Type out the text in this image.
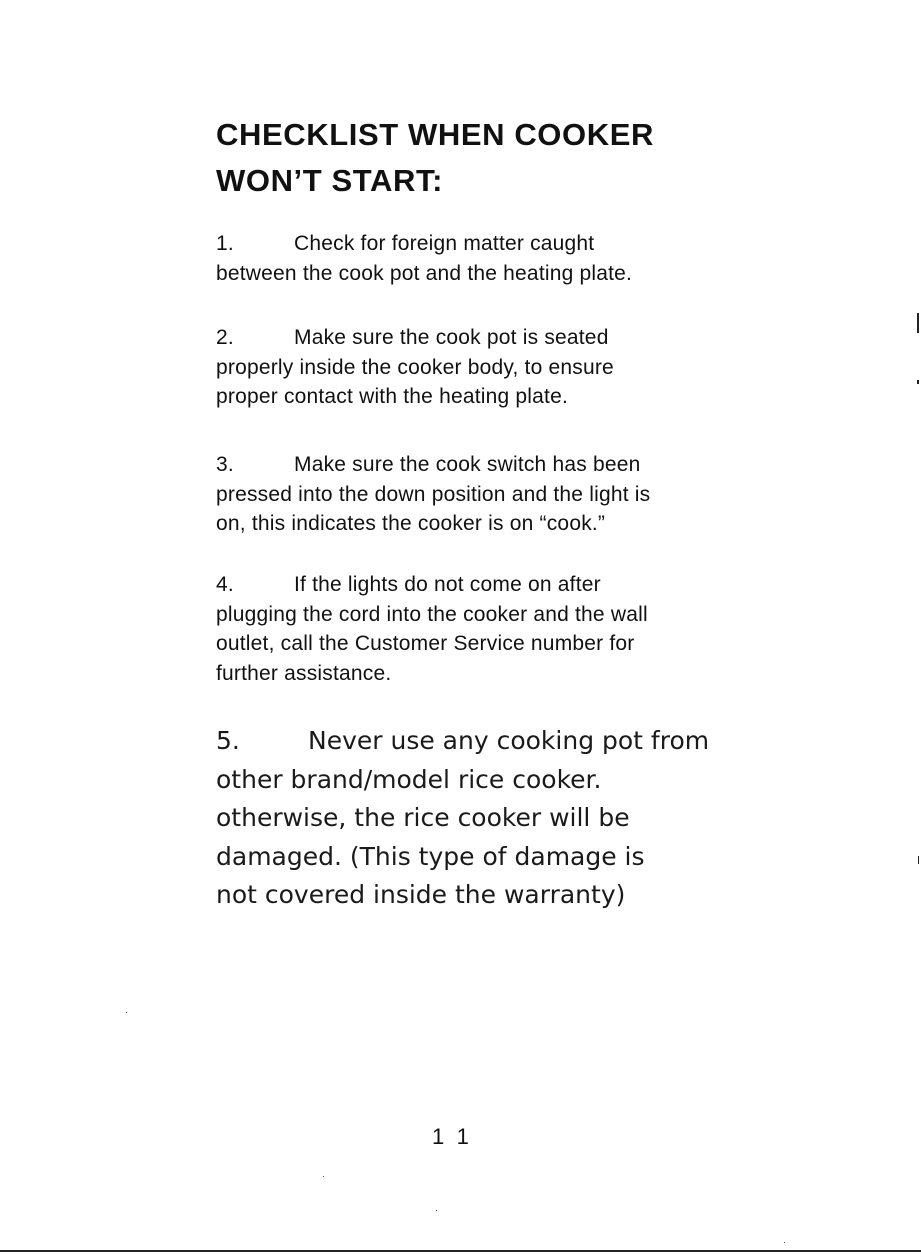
CHECKLIST WHEN COOKER
WON’T START:
1.	Check for foreign matter caught
between the cook pot and the heating plate.
2.	Make sure the cook pot is seated
properly inside the cooker body, to ensure
proper contact with the heating plate.
3.	Make sure the cook switch has been
pressed into the down position and the light is
on, this indicates the cooker is on “cook.”
4.	If the lights do not come on after
plugging the cord into the cooker and the wall
outlet, call the Customer Service number for
further assistance.
5.	Never use any cooking pot from
other brand/model rice cooker.
otherwise, the rice cooker will be
damaged. (This type of damage is
not covered inside the warranty)

11
